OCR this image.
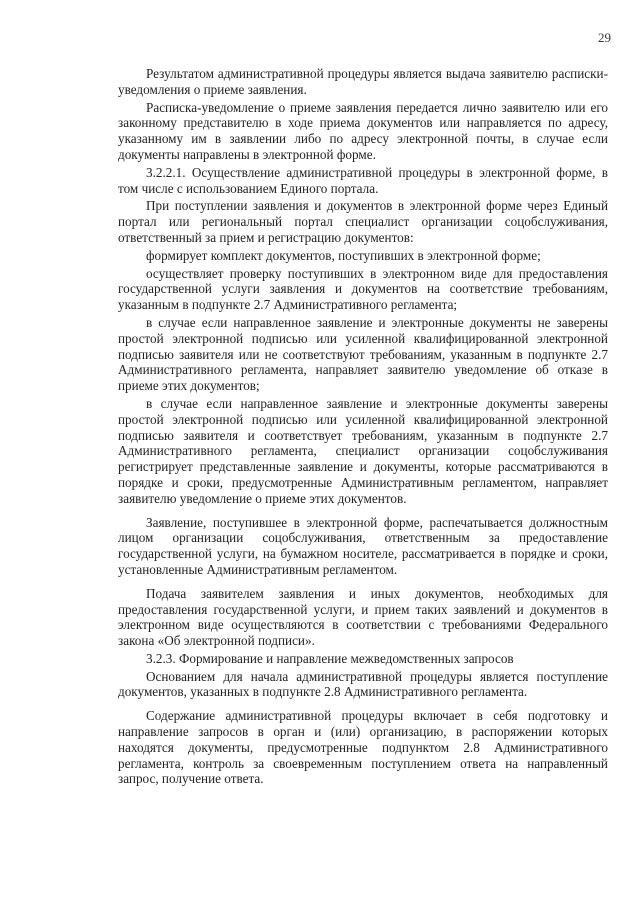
29

Результатом административной процедуры является выдача заявителю расписки-уведомления о приеме заявления.

Расписка-уведомление о приеме заявления передается лично заявителю или его законному представителю в ходе приема документов или направляется по адресу, указанному им в заявлении либо по адресу электронной почты, в случае если документы направлены в электронной форме.

3.2.2.1. Осуществление административной процедуры в электронной форме, в том числе с использованием Единого портала.

При поступлении заявления и документов в электронной форме через Единый портал или региональный портал специалист организации соцобслуживания, ответственный за прием и регистрацию документов:

формирует комплект документов, поступивших в электронной форме;

осуществляет проверку поступивших в электронном виде для предоставления государственной услуги заявления и документов на соответствие требованиям, указанным в подпункте 2.7 Административного регламента;

в случае если направленное заявление и электронные документы не заверены простой электронной подписью или усиленной квалифицированной электронной подписью заявителя или не соответствуют требованиям, указанным в подпункте 2.7 Административного регламента, направляет заявителю уведомление об отказе в приеме этих документов;

в случае если направленное заявление и электронные документы заверены простой электронной подписью или усиленной квалифицированной электронной подписью заявителя и соответствует требованиям, указанным в подпункте 2.7 Административного регламента, специалист организации соцобслуживания регистрирует представленные заявление и документы, которые рассматриваются в порядке и сроки, предусмотренные Административным регламентом, направляет заявителю уведомление о приеме этих документов.

Заявление, поступившее в электронной форме, распечатывается должностным лицом организации соцобслуживания, ответственным за предоставление государственной услуги, на бумажном носителе, рассматривается в порядке и сроки, установленные Административным регламентом.

Подача заявителем заявления и иных документов, необходимых для предоставления государственной услуги, и прием таких заявлений и документов в электронном виде осуществляются в соответствии с требованиями Федерального закона «Об электронной подписи».

3.2.3. Формирование и направление межведомственных запросов

Основанием для начала административной процедуры является поступление документов, указанных в подпункте 2.8 Административного регламента.

Содержание административной процедуры включает в себя подготовку и направление запросов в орган и (или) организацию, в распоряжении которых находятся документы, предусмотренные подпунктом 2.8 Административного регламента, контроль за своевременным поступлением ответа на направленный запрос, получение ответа.
